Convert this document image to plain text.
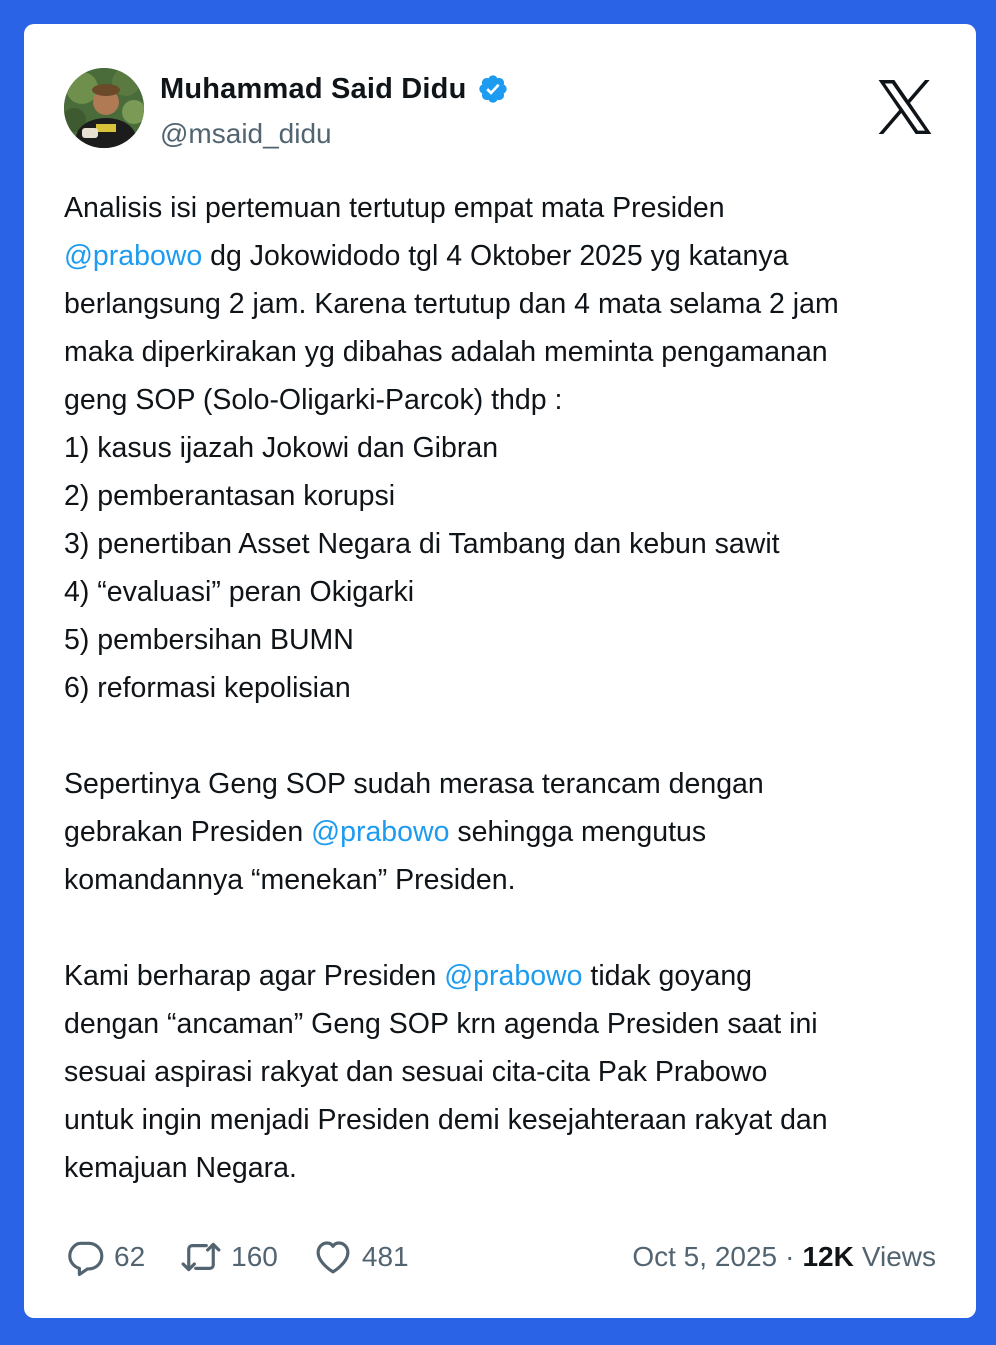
Muhammad Said Didu
@msaid_didu
Analisis isi pertemuan tertutup empat mata Presiden
@prabowo dg Jokowidodo tgl 4 Oktober 2025 yg katanya
berlangsung 2 jam. Karena tertutup dan 4 mata selama 2 jam
maka diperkirakan yg dibahas adalah meminta pengamanan
geng SOP (Solo-Oligarki-Parcok) thdp :
1) kasus ijazah Jokowi dan Gibran
2) pemberantasan korupsi
3) penertiban Asset Negara di Tambang dan kebun sawit
4) “evaluasi” peran Okigarki
5) pembersihan BUMN
6) reformasi kepolisian
Sepertinya Geng SOP sudah merasa terancam dengan
gebrakan Presiden @prabowo sehingga mengutus
komandannya “menekan” Presiden.
Kami berharap agar Presiden @prabowo tidak goyang
dengan “ancaman” Geng SOP krn agenda Presiden saat ini
sesuai aspirasi rakyat dan sesuai cita-cita Pak Prabowo
untuk ingin menjadi Presiden demi kesejahteraan rakyat dan
kemajuan Negara.
62	160	481	Oct 5, 2025 · 12K Views
